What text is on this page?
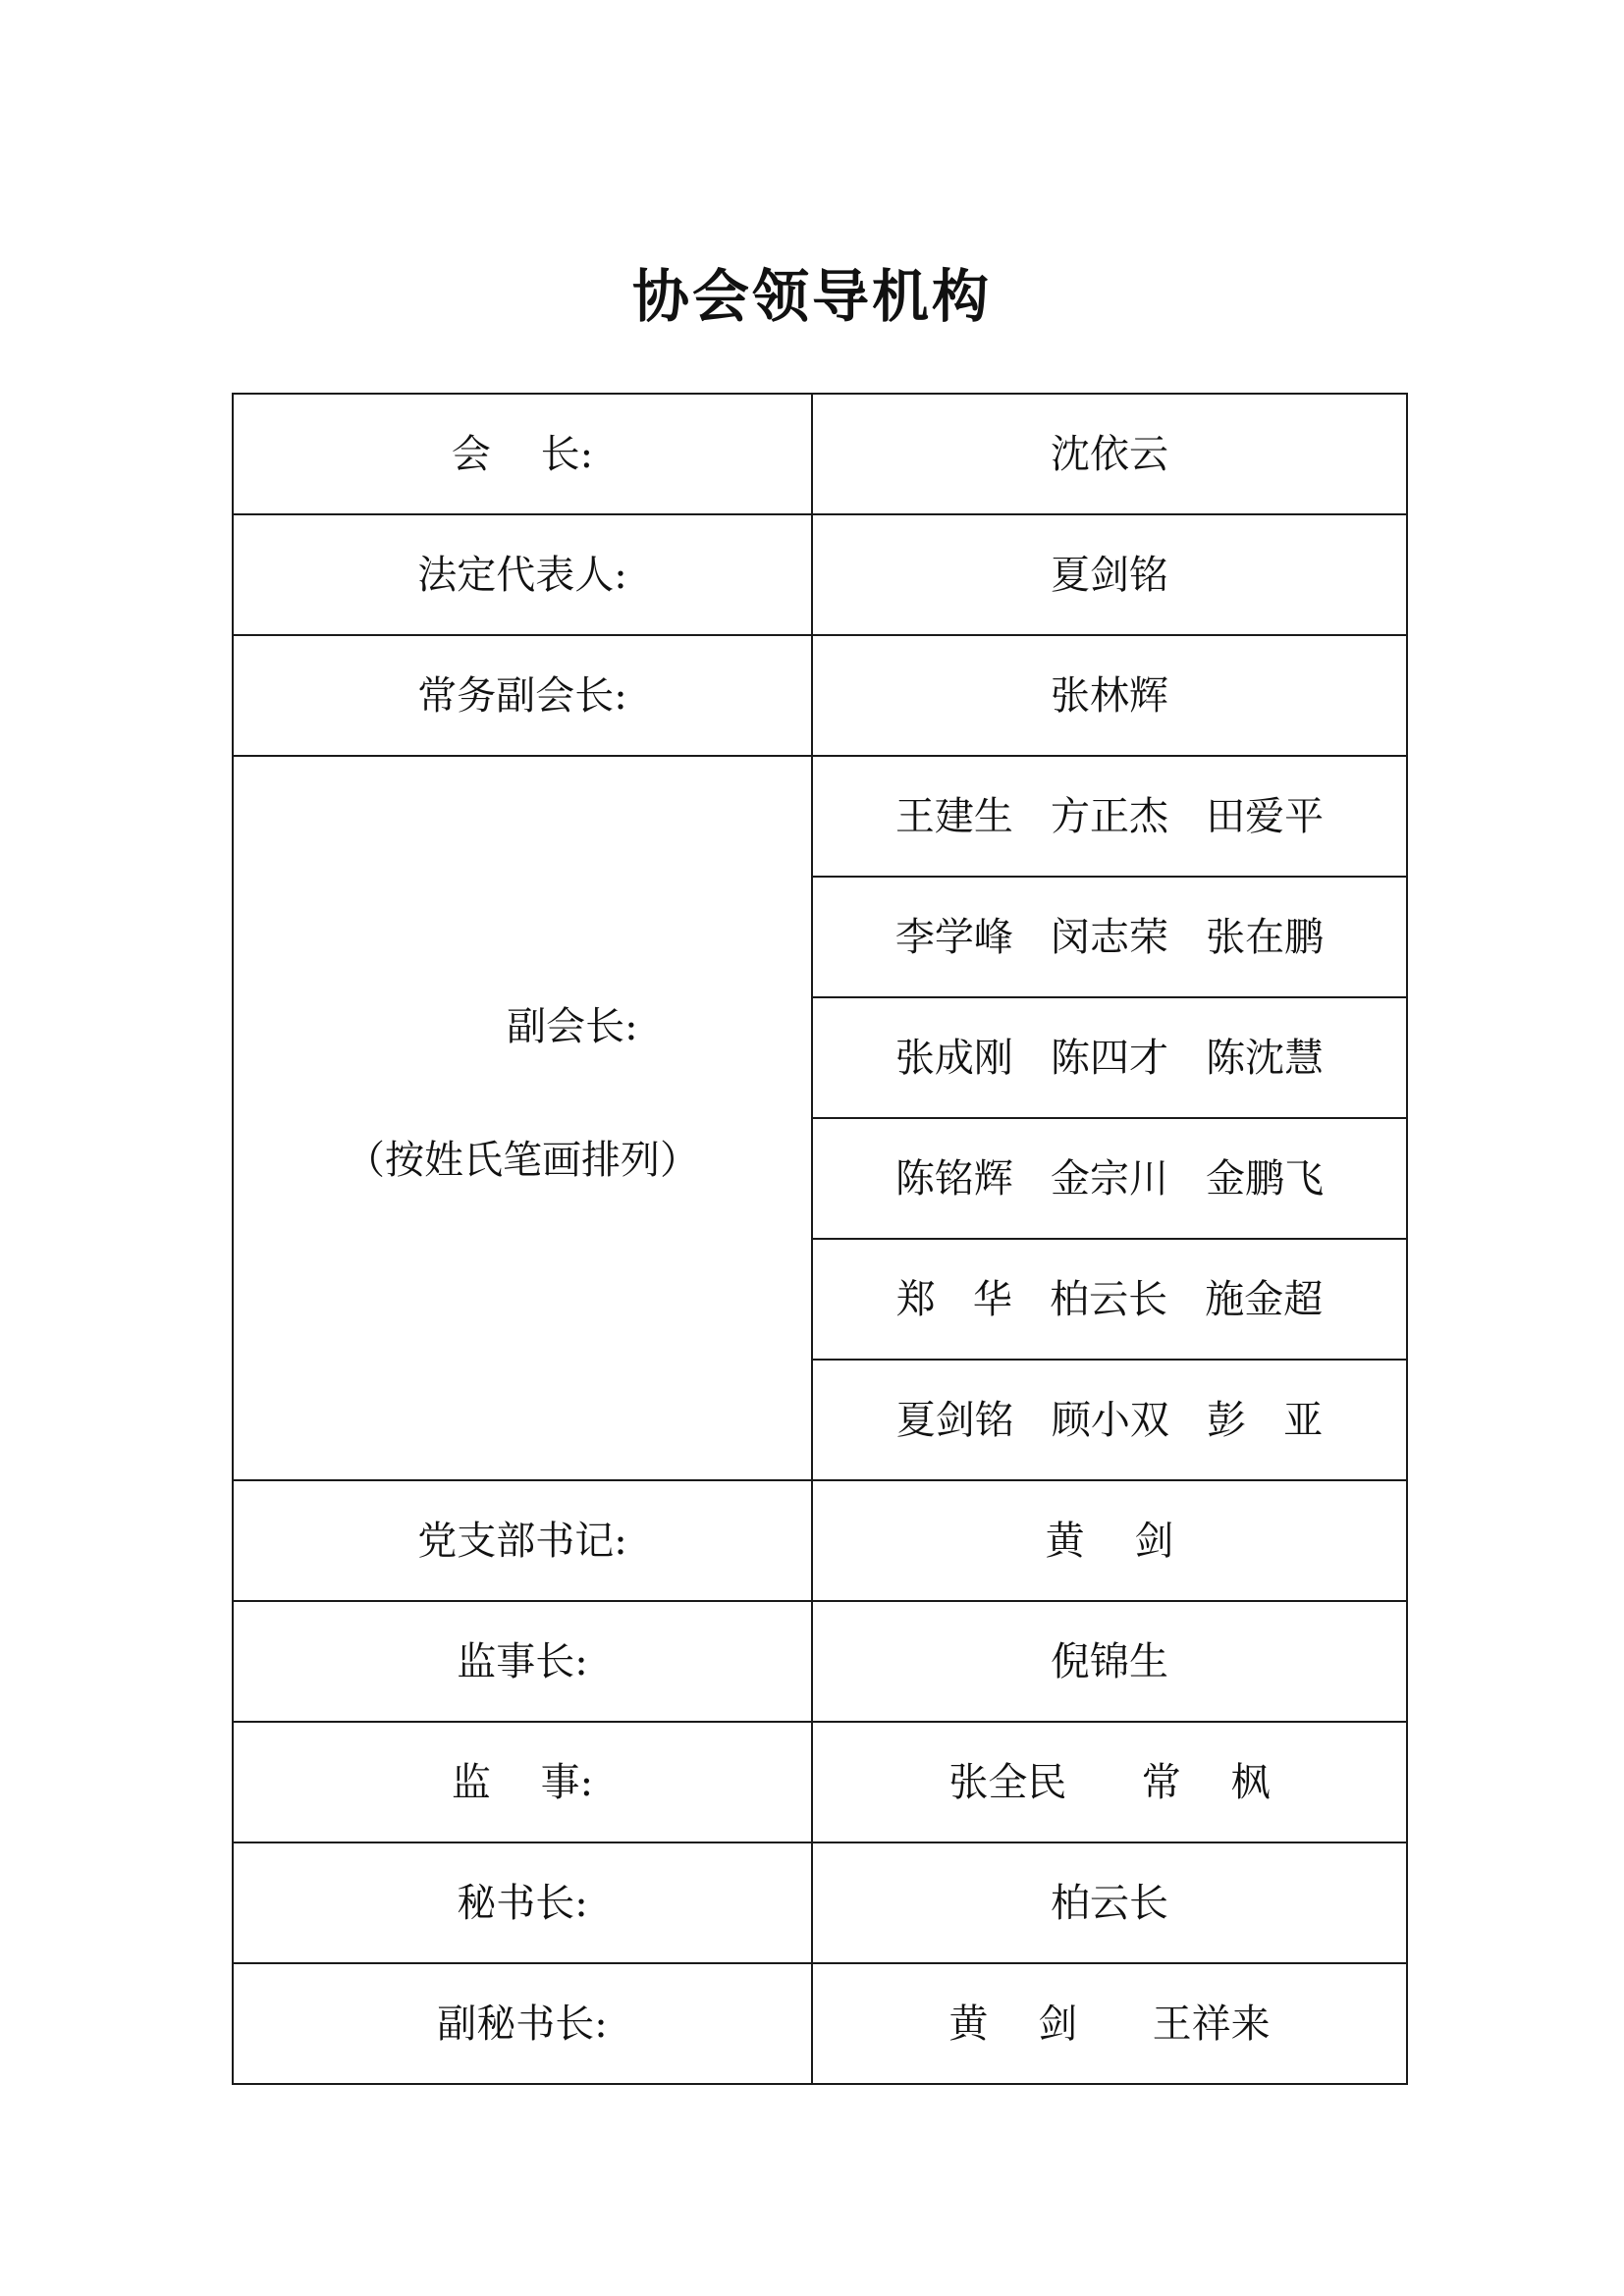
协会领导机构
会    长:	沈依云
法定代表人:	夏剑铭
常务副会长:	张林辉

副会长:

（按姓氏笔画排列）	王建生   方正杰   田爱平
	李学峰   闵志荣   张在鹏
	张成刚   陈四才   陈沈慧
	陈铭辉   金宗川   金鹏飞
	郑   华   柏云长   施金超
	夏剑铭   顾小双   彭   亚
党支部书记:	黄    剑
监事长:	倪锦生
监    事:	张全民      常    枫
秘书长:	柏云长
副秘书长:	黄    剑      王祥来
